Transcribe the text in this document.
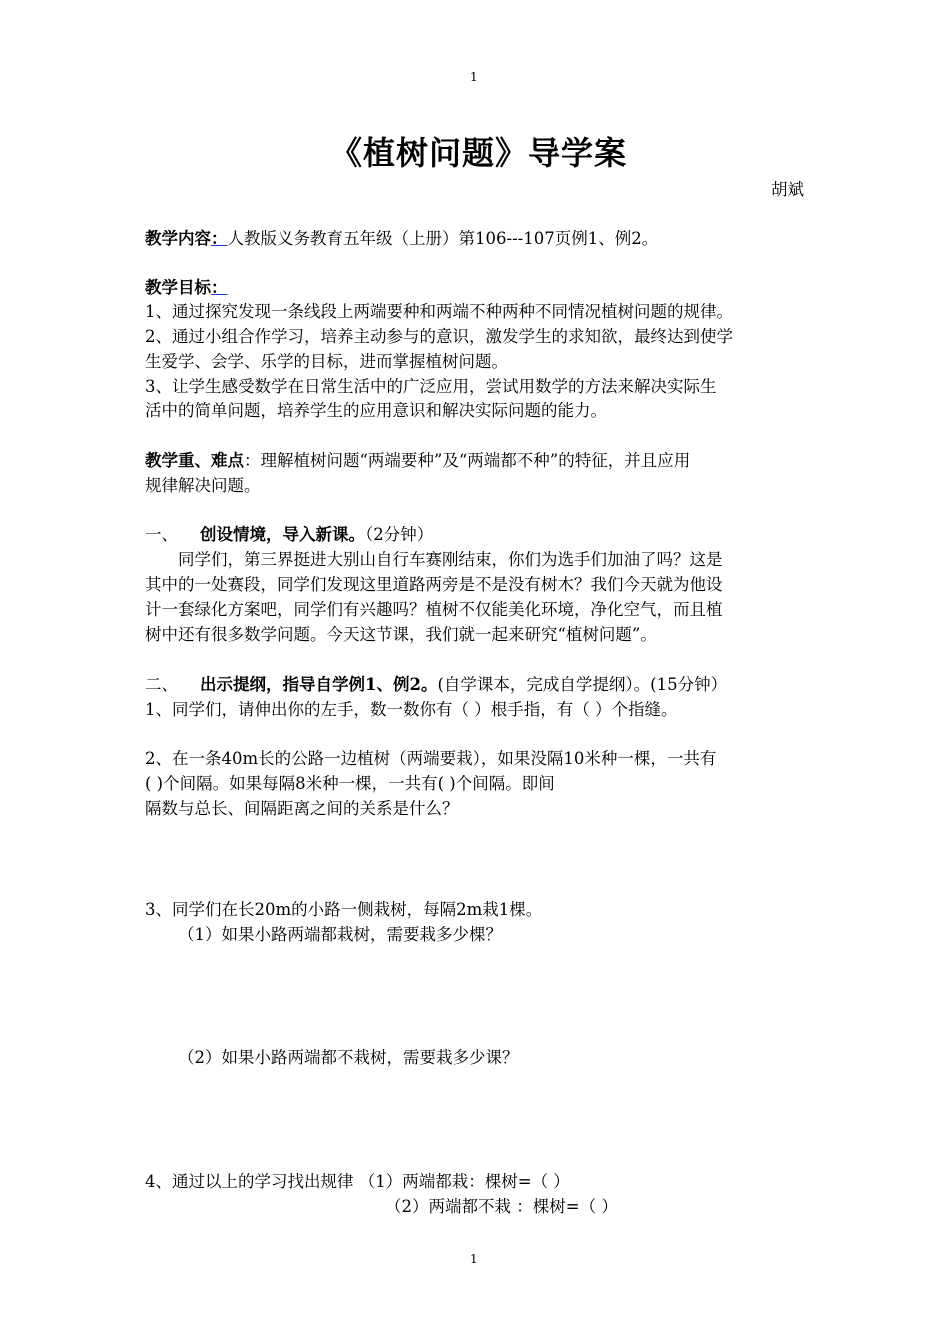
1
《植树问题》导学案
胡斌
教学内容：人教版义务教育五年级（上册）第106---107页例1、例2。
教学目标：
1、通过探究发现一条线段上两端要种和两端不种两种不同情况植树问题的规律。
2、通过小组合作学习，培养主动参与的意识，激发学生的求知欲，最终达到使学
生爱学、会学、乐学的目标，进而掌握植树问题。
3、让学生感受数学在日常生活中的广泛应用，尝试用数学的方法来解决实际生
活中的简单问题，培养学生的应用意识和解决实际问题的能力。
教学重、难点：理解植树问题“两端要种”及“两端都不种”的特征，并且应用
规律解决问题。
一、 创设情境，导入新课。（2分钟）
同学们，第三界挺进大别山自行车赛刚结束，你们为选手们加油了吗？这是
其中的一处赛段，同学们发现这里道路两旁是不是没有树木？我们今天就为他设
计一套绿化方案吧，同学们有兴趣吗？植树不仅能美化环境，净化空气，而且植
树中还有很多数学问题。今天这节课，我们就一起来研究“植树问题”。
二、 出示提纲，指导自学例1、例2。(自学课本，完成自学提纲）。(15分钟）
1、同学们，请伸出你的左手，数一数你有（ ）根手指，有（ ）个指缝。
2、在一条40m长的公路一边植树（两端要栽），如果没隔10米种一棵，一共有
( )个间隔。如果每隔8米种一棵，一共有( )个间隔。即间
隔数与总长、间隔距离之间的关系是什么？
3、同学们在长20m的小路一侧栽树，每隔2m栽1棵。
（1）如果小路两端都栽树，需要栽多少棵？
（2）如果小路两端都不栽树，需要栽多少课？
4、通过以上的学习找出规律 （1）两端都栽：棵树=（ ）
（2）两端都不栽 ：棵树=（ ）
1
